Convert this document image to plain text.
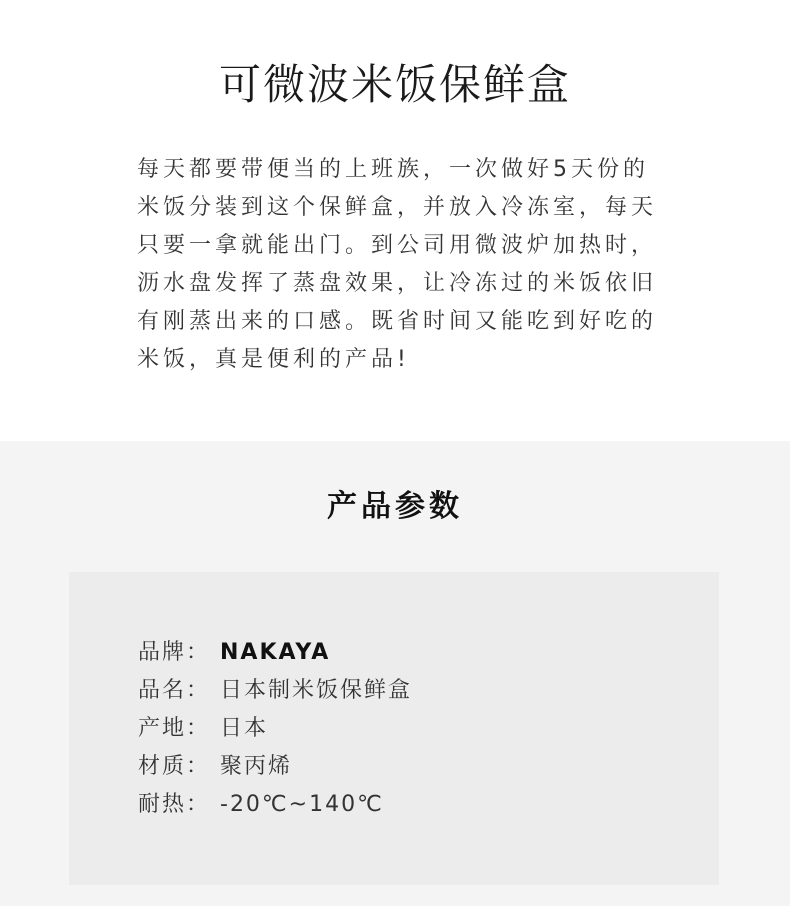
可微波米饭保鲜盒
每天都要带便当的上班族，一次做好5天份的
米饭分装到这个保鲜盒，并放入冷冻室，每天
只要一拿就能出门。到公司用微波炉加热时，
沥水盘发挥了蒸盘效果，让冷冻过的米饭依旧
有刚蒸出来的口感。既省时间又能吃到好吃的
米饭，真是便利的产品!
产品参数
品牌： NAKAYA
品名： 日本制米饭保鲜盒
产地： 日本
材质： 聚丙烯
耐热： -20℃~140℃
